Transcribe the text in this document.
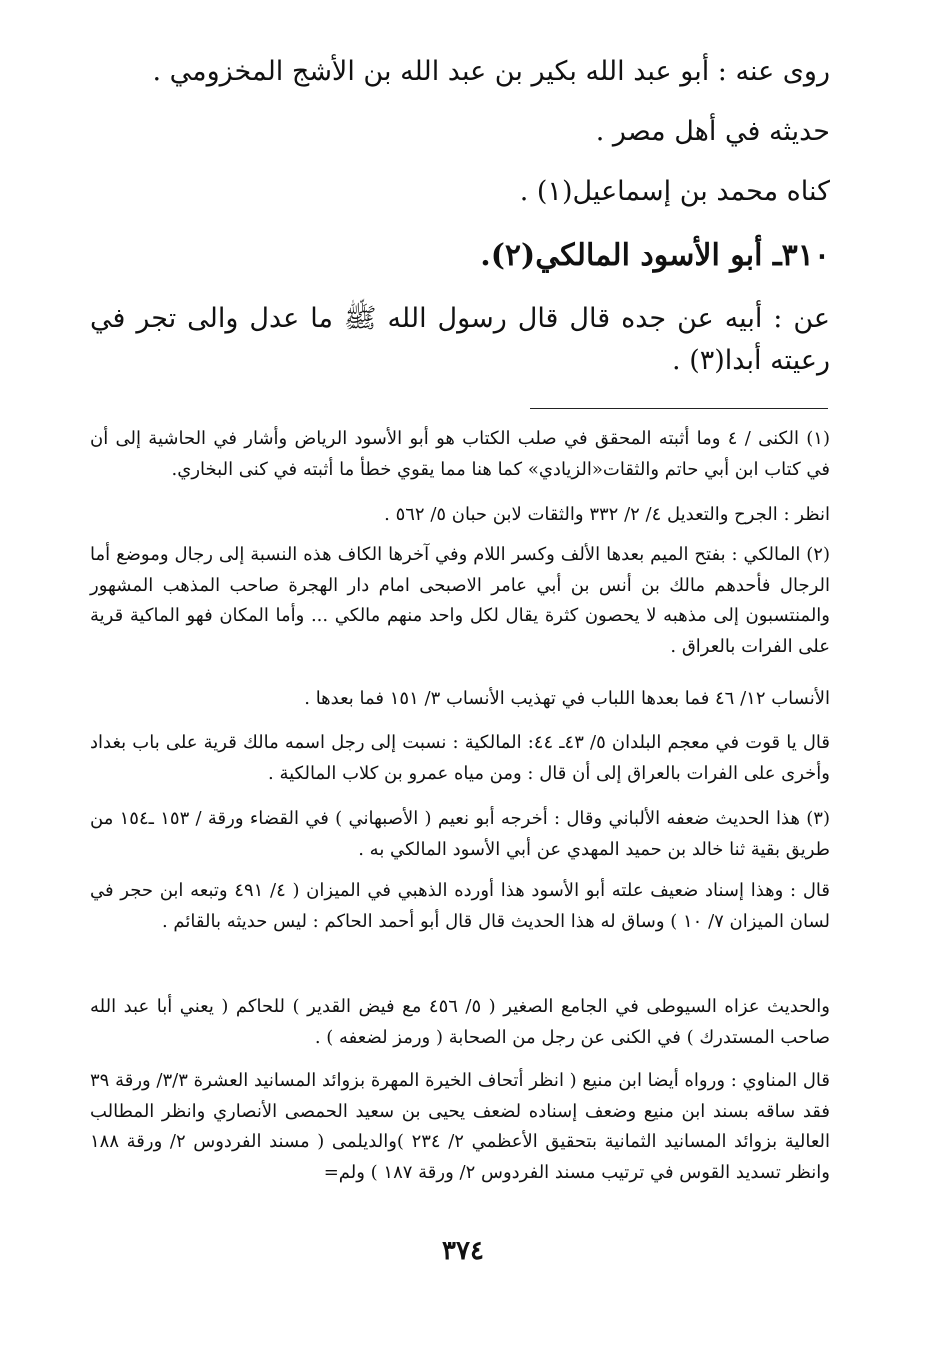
روى عنه : أبو عبد الله بكير بن عبد الله بن الأشج المخزومي .
حديثه في أهل مصر .
كناه محمد بن إسماعيل(١) .
٣١٠ـ أبو الأسود المالكي(٢).
عن : أبيه عن جده قال قال رسول الله ﷺ ما عدل والى تجر في رعيته أبدا(٣) .
(١) الكنى / ٤ وما أثبته المحقق في صلب الكتاب هو أبو الأسود الرياض وأشار في الحاشية إلى أن في كتاب ابن أبي حاتم والثقات«الزيادي» كما هنا مما يقوي خطأ ما أثبته في كنى البخاري.
انظر : الجرح والتعديل ٤/ ٢/ ٣٣٢ والثقات لابن حبان ٥/ ٥٦٢ .
(٢) المالكي : بفتح الميم بعدها الألف وكسر اللام وفي آخرها الكاف هذه النسبة إلى رجال وموضع أما الرجال فأحدهم مالك بن أنس بن أبي عامر الاصبحى امام دار الهجرة صاحب المذهب المشهور والمنتسبون إلى مذهبه لا يحصون كثرة يقال لكل واحد منهم مالكي ... وأما المكان فهو الماكية قرية على الفرات بالعراق .
الأنساب ١٢/ ٤٦ فما بعدها اللباب في تهذيب الأنساب ٣/ ١٥١ فما بعدها .
قال يا قوت في معجم البلدان ٥/ ٤٣ـ ٤٤: المالكية : نسبت إلى رجل اسمه مالك قرية على باب بغداد وأخرى على الفرات بالعراق إلى أن قال : ومن مياه عمرو بن كلاب المالكية .
(٣) هذا الحديث ضعفه الألباني وقال : أخرجه أبو نعيم ( الأصبهاني ) في القضاء ورقة / ١٥٣ ـ١٥٤ من طريق بقية ثنا خالد بن حميد المهدي عن أبي الأسود المالكي به .
قال : وهذا إسناد ضعيف علته أبو الأسود هذا أورده الذهبي في الميزان ( ٤/ ٤٩١ وتبعه ابن حجر في لسان الميزان ٧/ ١٠ ) وساق له هذا الحديث قال قال أبو أحمد الحاكم : ليس حديثه بالقائم .
والحديث عزاه السيوطى في الجامع الصغير ( ٥/ ٤٥٦ مع فيض القدير ) للحاكم ( يعني أبا عبد الله صاحب المستدرك ) في الكنى عن رجل من الصحابة ( ورمز لضعفه ) .
قال المناوي : ورواه أيضا ابن منيع ( انظر أتحاف الخيرة المهرة بزوائد المسانيد العشرة ٣/٣/ ورقة ٣٩ فقد ساقه بسند ابن منيع وضعف إسناده لضعف يحيى بن سعيد الحمصى الأنصاري وانظر المطالب العالية بزوائد المسانيد الثمانية بتحقيق الأعظمي ٢/ ٢٣٤ )والديلمى ( مسند الفردوس ٢/ ورقة ١٨٨ وانظر تسديد القوس في ترتيب مسند الفردوس ٢/ ورقة ١٨٧ ) ولم=
٣٧٤
